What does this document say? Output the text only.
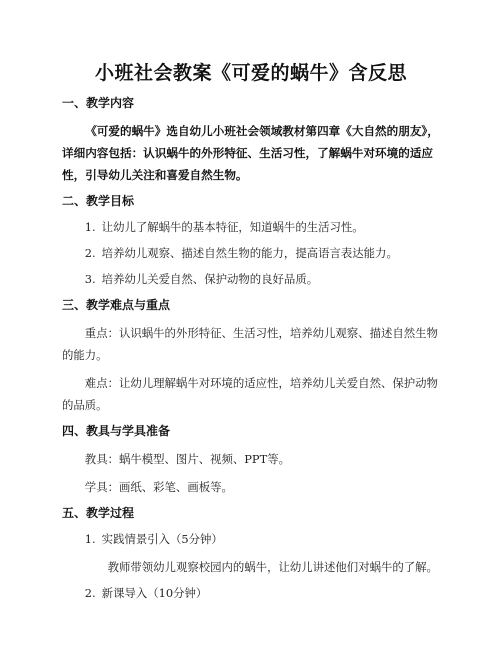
小班社会教案《可爱的蜗牛》含反思
一、教学内容
《可爱的蜗牛》选自幼儿小班社会领域教材第四章《大自然的朋友》，详细内容包括：认识蜗牛的外形特征、生活习性，了解蜗牛对环境的适应性，引导幼儿关注和喜爱自然生物。
二、教学目标
1. 让幼儿了解蜗牛的基本特征，知道蜗牛的生活习性。
2. 培养幼儿观察、描述自然生物的能力，提高语言表达能力。
3. 培养幼儿关爱自然、保护动物的良好品质。
三、教学难点与重点
重点：认识蜗牛的外形特征、生活习性，培养幼儿观察、描述自然生物的能力。
难点：让幼儿理解蜗牛对环境的适应性，培养幼儿关爱自然、保护动物的品质。
四、教具与学具准备
教具：蜗牛模型、图片、视频、PPT等。
学具：画纸、彩笔、画板等。
五、教学过程
1. 实践情景引入（5分钟）
教师带领幼儿观察校园内的蜗牛，让幼儿讲述他们对蜗牛的了解。
2. 新课导入（10分钟）
